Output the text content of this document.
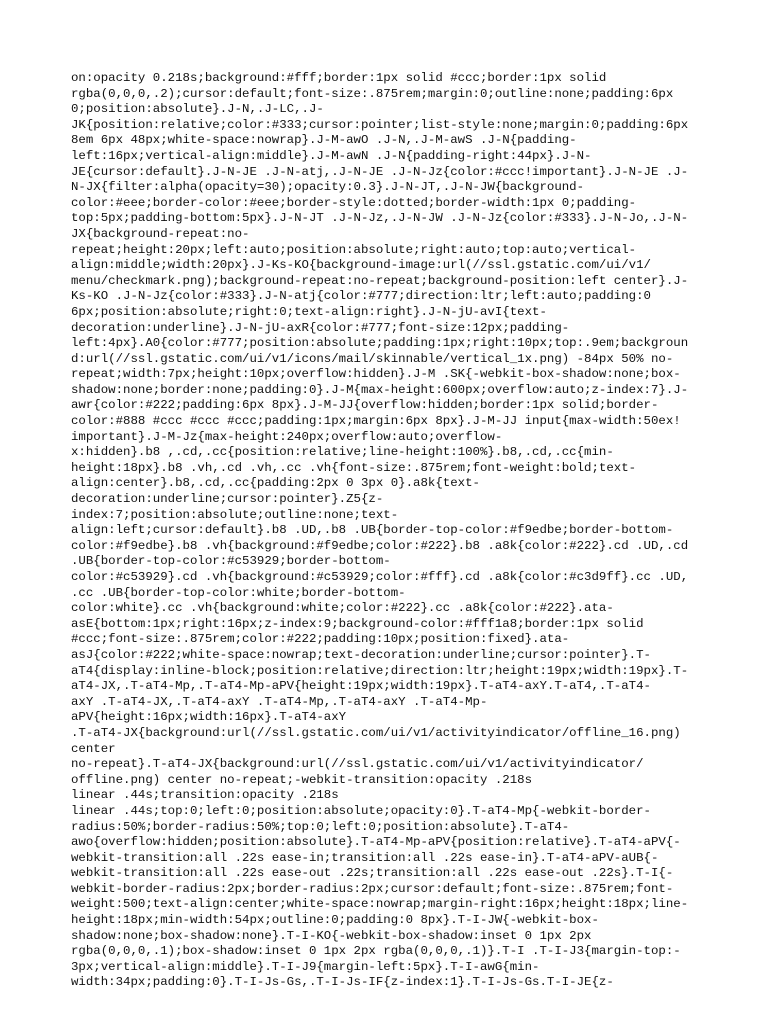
on:opacity 0.218s;background:#fff;border:1px solid #ccc;border:1px solid
rgba(0,0,0,.2);cursor:default;font-size:.875rem;margin:0;outline:none;padding:6px
0;position:absolute}.J-N,.J-LC,.J-
JK{position:relative;color:#333;cursor:pointer;list-style:none;margin:0;padding:6px
8em 6px 48px;white-space:nowrap}.J-M-awO .J-N,.J-M-awS .J-N{padding-
left:16px;vertical-align:middle}.J-M-awN .J-N{padding-right:44px}.J-N-
JE{cursor:default}.J-N-JE .J-N-atj,.J-N-JE .J-N-Jz{color:#ccc!important}.J-N-JE .J-
N-JX{filter:alpha(opacity=30);opacity:0.3}.J-N-JT,.J-N-JW{background-
color:#eee;border-color:#eee;border-style:dotted;border-width:1px 0;padding-
top:5px;padding-bottom:5px}.J-N-JT .J-N-Jz,.J-N-JW .J-N-Jz{color:#333}.J-N-Jo,.J-N-
JX{background-repeat:no-
repeat;height:20px;left:auto;position:absolute;right:auto;top:auto;vertical-
align:middle;width:20px}.J-Ks-KO{background-image:url(//ssl.gstatic.com/ui/v1/
menu/checkmark.png);background-repeat:no-repeat;background-position:left center}.J-
Ks-KO .J-N-Jz{color:#333}.J-N-atj{color:#777;direction:ltr;left:auto;padding:0
6px;position:absolute;right:0;text-align:right}.J-N-jU-avI{text-
decoration:underline}.J-N-jU-axR{color:#777;font-size:12px;padding-
left:4px}.A0{color:#777;position:absolute;padding:1px;right:10px;top:.9em;backgroun
d:url(//ssl.gstatic.com/ui/v1/icons/mail/skinnable/vertical_1x.png) -84px 50% no-
repeat;width:7px;height:10px;overflow:hidden}.J-M .SK{-webkit-box-shadow:none;box-
shadow:none;border:none;padding:0}.J-M{max-height:600px;overflow:auto;z-index:7}.J-
awr{color:#222;padding:6px 8px}.J-M-JJ{overflow:hidden;border:1px solid;border-
color:#888 #ccc #ccc #ccc;padding:1px;margin:6px 8px}.J-M-JJ input{max-width:50ex!
important}.J-M-Jz{max-height:240px;overflow:auto;overflow-
x:hidden}.b8 ,.cd,.cc{position:relative;line-height:100%}.b8,.cd,.cc{min-
height:18px}.b8 .vh,.cd .vh,.cc .vh{font-size:.875rem;font-weight:bold;text-
align:center}.b8,.cd,.cc{padding:2px 0 3px 0}.a8k{text-
decoration:underline;cursor:pointer}.Z5{z-
index:7;position:absolute;outline:none;text-
align:left;cursor:default}.b8 .UD,.b8 .UB{border-top-color:#f9edbe;border-bottom-
color:#f9edbe}.b8 .vh{background:#f9edbe;color:#222}.b8 .a8k{color:#222}.cd .UD,.cd
.UB{border-top-color:#c53929;border-bottom-
color:#c53929}.cd .vh{background:#c53929;color:#fff}.cd .a8k{color:#c3d9ff}.cc .UD,
.cc .UB{border-top-color:white;border-bottom-
color:white}.cc .vh{background:white;color:#222}.cc .a8k{color:#222}.ata-
asE{bottom:1px;right:16px;z-index:9;background-color:#fff1a8;border:1px solid
#ccc;font-size:.875rem;color:#222;padding:10px;position:fixed}.ata-
asJ{color:#222;white-space:nowrap;text-decoration:underline;cursor:pointer}.T-
aT4{display:inline-block;position:relative;direction:ltr;height:19px;width:19px}.T-
aT4-JX,.T-aT4-Mp,.T-aT4-Mp-aPV{height:19px;width:19px}.T-aT4-axY.T-aT4,.T-aT4-
axY .T-aT4-JX,.T-aT4-axY .T-aT4-Mp,.T-aT4-axY .T-aT4-Mp-
aPV{height:16px;width:16px}.T-aT4-axY
.T-aT4-JX{background:url(//ssl.gstatic.com/ui/v1/activityindicator/offline_16.png)
center
no-repeat}.T-aT4-JX{background:url(//ssl.gstatic.com/ui/v1/activityindicator/
offline.png) center no-repeat;-webkit-transition:opacity .218s
linear .44s;transition:opacity .218s
linear .44s;top:0;left:0;position:absolute;opacity:0}.T-aT4-Mp{-webkit-border-
radius:50%;border-radius:50%;top:0;left:0;position:absolute}.T-aT4-
awo{overflow:hidden;position:absolute}.T-aT4-Mp-aPV{position:relative}.T-aT4-aPV{-
webkit-transition:all .22s ease-in;transition:all .22s ease-in}.T-aT4-aPV-aUB{-
webkit-transition:all .22s ease-out .22s;transition:all .22s ease-out .22s}.T-I{-
webkit-border-radius:2px;border-radius:2px;cursor:default;font-size:.875rem;font-
weight:500;text-align:center;white-space:nowrap;margin-right:16px;height:18px;line-
height:18px;min-width:54px;outline:0;padding:0 8px}.T-I-JW{-webkit-box-
shadow:none;box-shadow:none}.T-I-KO{-webkit-box-shadow:inset 0 1px 2px
rgba(0,0,0,.1);box-shadow:inset 0 1px 2px rgba(0,0,0,.1)}.T-I .T-I-J3{margin-top:-
3px;vertical-align:middle}.T-I-J9{margin-left:5px}.T-I-awG{min-
width:34px;padding:0}.T-I-Js-Gs,.T-I-Js-IF{z-index:1}.T-I-Js-Gs.T-I-JE{z-
